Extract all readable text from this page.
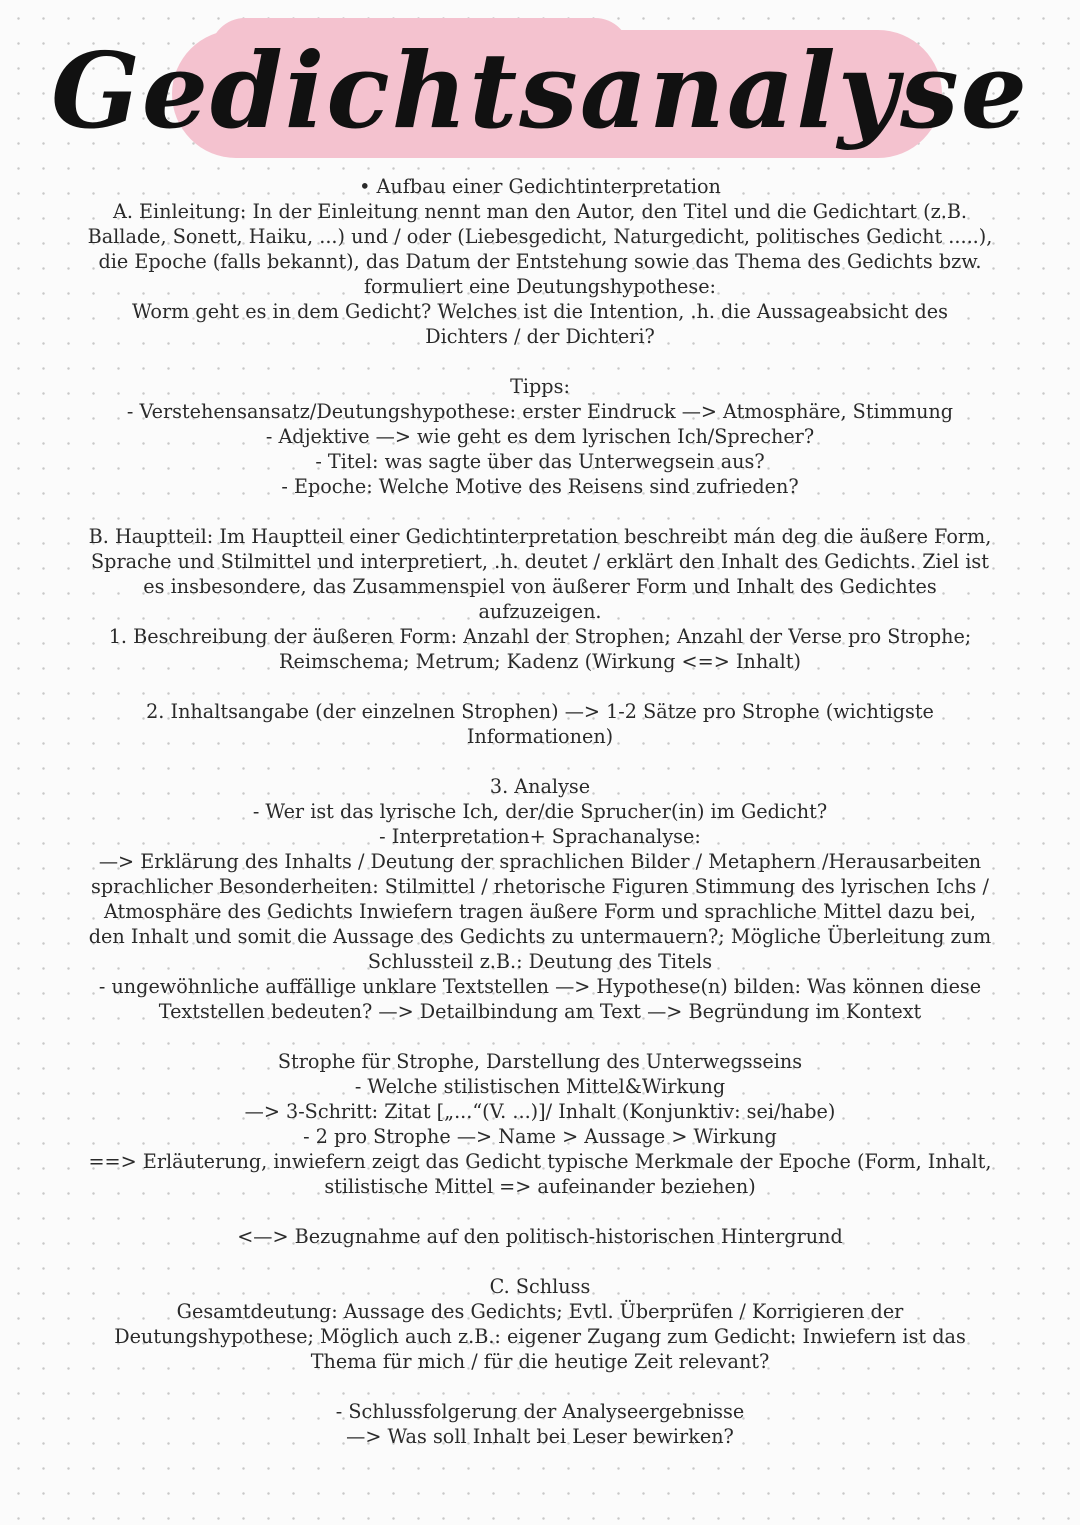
Gedichtsanalyse
• Aufbau einer Gedichtinterpretation
A. Einleitung: In der Einleitung nennt man den Autor, den Titel und die Gedichtart (z.B.
Ballade, Sonett, Haiku, ...) und / oder (Liebesgedicht, Naturgedicht, politisches Gedicht .....),
die Epoche (falls bekannt), das Datum der Entstehung sowie das Thema des Gedichts bzw.
formuliert eine Deutungshypothese:
Worm geht es in dem Gedicht? Welches ist die Intention, .h. die Aussageabsicht des
Dichters / der Dichteri?
Tipps:
- Verstehensansatz/Deutungshypothese: erster Eindruck —> Atmosphäre, Stimmung
- Adjektive —> wie geht es dem lyrischen Ich/Sprecher?
- Titel: was sagte über das Unterwegsein aus?
- Epoche: Welche Motive des Reisens sind zufrieden?
B. Hauptteil: Im Hauptteil einer Gedichtinterpretation beschreibt mán deg die äußere Form,
Sprache und Stilmittel und interpretiert, .h. deutet / erklärt den Inhalt des Gedichts. Ziel ist
es insbesondere, das Zusammenspiel von äußerer Form und Inhalt des Gedichtes
aufzuzeigen.
1. Beschreibung der äußeren Form: Anzahl der Strophen; Anzahl der Verse pro Strophe;
Reimschema; Metrum; Kadenz (Wirkung <=> Inhalt)
2. Inhaltsangabe (der einzelnen Strophen) —> 1-2 Sätze pro Strophe (wichtigste
Informationen)
3. Analyse
- Wer ist das lyrische Ich, der/die Sprucher(in) im Gedicht?
- Interpretation+ Sprachanalyse:
—> Erklärung des Inhalts / Deutung der sprachlichen Bilder / Metaphern /Herausarbeiten
sprachlicher Besonderheiten: Stilmittel / rhetorische Figuren Stimmung des lyrischen Ichs /
Atmosphäre des Gedichts Inwiefern tragen äußere Form und sprachliche Mittel dazu bei,
den Inhalt und somit die Aussage des Gedichts zu untermauern?; Mögliche Überleitung zum
Schlussteil z.B.: Deutung des Titels
- ungewöhnliche auffällige unklare Textstellen —> Hypothese(n) bilden: Was können diese
Textstellen bedeuten? —> Detailbindung am Text —> Begründung im Kontext
Strophe für Strophe, Darstellung des Unterwegsseins
- Welche stilistischen Mittel&Wirkung
—> 3-Schritt: Zitat [„...“(V. ...)]/ Inhalt (Konjunktiv: sei/habe)
- 2 pro Strophe —> Name > Aussage > Wirkung
==> Erläuterung, inwiefern zeigt das Gedicht typische Merkmale der Epoche (Form, Inhalt,
stilistische Mittel => aufeinander beziehen)
<—> Bezugnahme auf den politisch-historischen Hintergrund
C. Schluss
Gesamtdeutung: Aussage des Gedichts; Evtl. Überprüfen / Korrigieren der
Deutungshypothese; Möglich auch z.B.: eigener Zugang zum Gedicht: Inwiefern ist das
Thema für mich / für die heutige Zeit relevant?
- Schlussfolgerung der Analyseergebnisse
—> Was soll Inhalt bei Leser bewirken?
